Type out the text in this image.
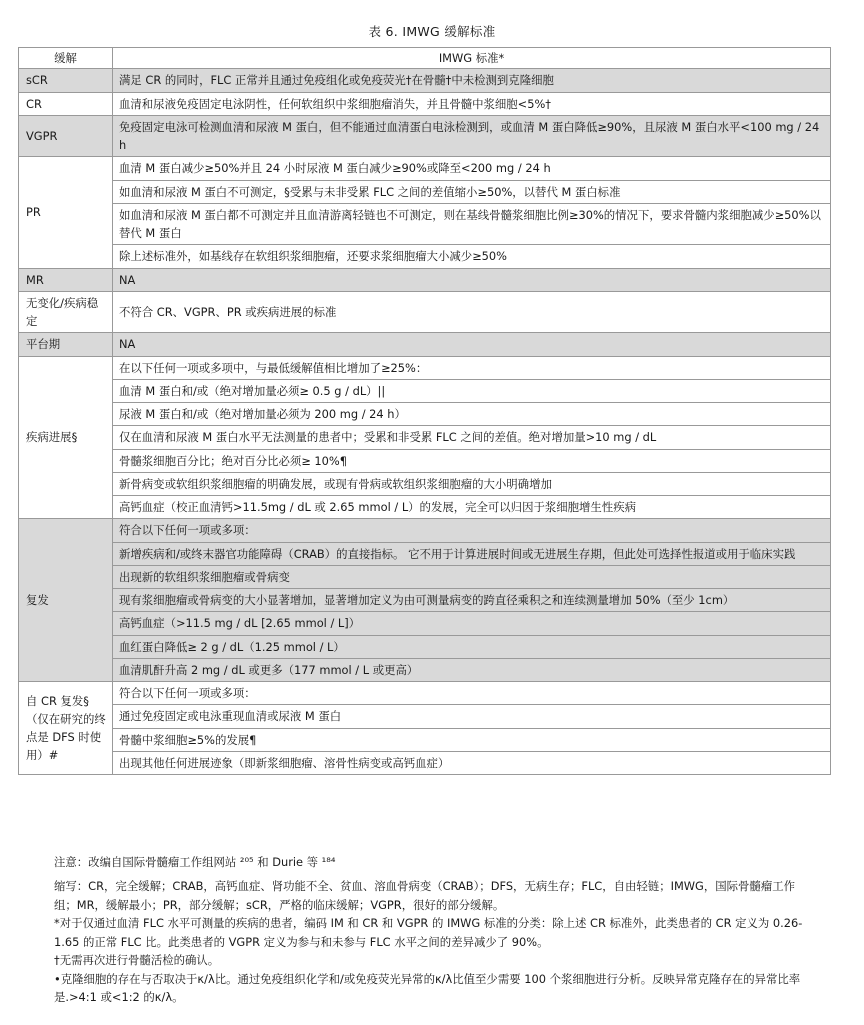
表 6. IMWG 缓解标准
缓解	IMWG 标准*
sCR	满足 CR 的同时，FLC 正常并且通过免疫组化或免疫荧光†在骨髓†中未检测到克隆细胞
CR	血清和尿液免疫固定电泳阴性，任何软组织中浆细胞瘤消失，并且骨髓中浆细胞<5%†
VGPR	免疫固定电泳可检测血清和尿液 M 蛋白，但不能通过血清蛋白电泳检测到，或血清 M 蛋白降低≥90%，且尿液 M 蛋白水平<100 mg / 24 h
PR	血清 M 蛋白减少≥50%并且 24 小时尿液 M 蛋白减少≥90%或降至<200 mg / 24 h
	如血清和尿液 M 蛋白不可测定，§受累与未非受累 FLC 之间的差值缩小≥50%，以替代 M 蛋白标准
	如血清和尿液 M 蛋白都不可测定并且血清游离轻链也不可测定，则在基线骨髓浆细胞比例≥30%的情况下，要求骨髓内浆细胞减少≥50%以替代 M 蛋白
	除上述标准外，如基线存在软组织浆细胞瘤，还要求浆细胞瘤大小减少≥50%
MR	NA
无变化/疾病稳定	不符合 CR、VGPR、PR 或疾病进展的标准
平台期	NA
疾病进展§	在以下任何一项或多项中，与最低缓解值相比增加了≥25%：
	血清 M 蛋白和/或（绝对增加量必须≥ 0.5 g / dL）||
	尿液 M 蛋白和/或（绝对增加量必须为 200 mg / 24 h）
	仅在血清和尿液 M 蛋白水平无法测量的患者中；受累和非受累 FLC 之间的差值。绝对增加量>10 mg / dL
	骨髓浆细胞百分比；绝对百分比必须≥ 10%¶
	新骨病变或软组织浆细胞瘤的明确发展，或现有骨病或软组织浆细胞瘤的大小明确增加
	高钙血症（校正血清钙>11.5mg / dL 或 2.65 mmol / L）的发展，完全可以归因于浆细胞增生性疾病
复发	符合以下任何一项或多项：
	新增疾病和/或终末器官功能障碍（CRAB）的直接指标。 它不用于计算进展时间或无进展生存期，但此处可选择性报道或用于临床实践
	出现新的软组织浆细胞瘤或骨病变
	现有浆细胞瘤或骨病变的大小显著增加，显著增加定义为由可测量病变的跨直径乘积之和连续测量增加 50%（至少 1cm）
	高钙血症（>11.5 mg / dL [2.65 mmol / L]）
	血红蛋白降低≥ 2 g / dL（1.25 mmol / L）
	血清肌酐升高 2 mg / dL 或更多（177 mmol / L 或更高）
自 CR 复发§（仅在研究的终点是 DFS 时使用）#	符合以下任何一项或多项：
	通过免疫固定或电泳重现血清或尿液 M 蛋白
	骨髓中浆细胞≥5%的发展¶
	出现其他任何进展迹象（即新浆细胞瘤、溶骨性病变或高钙血症）

注意：改编自国际骨髓瘤工作组网站 ²⁰⁵ 和 Durie 等 ¹⁸⁴

缩写：CR，完全缓解；CRAB，高钙血症、肾功能不全、贫血、溶血骨病变（CRAB）；DFS，无病生存；FLC，自由轻链；IMWG，国际骨髓瘤工作组；MR，缓解最小；PR，部分缓解；sCR，严格的临床缓解；VGPR，很好的部分缓解。

*对于仅通过血清 FLC 水平可测量的疾病的患者，编码 IM 和 CR 和 VGPR 的 IMWG 标准的分类：除上述 CR 标准外，此类患者的 CR 定义为 0.26-1.65 的正常 FLC 比。此类患者的 VGPR 定义为参与和未参与 FLC 水平之间的差异减少了 90%。

†无需再次进行骨髓活检的确认。

•克隆细胞的存在与否取决于κ/λ比。通过免疫组织化学和/或免疫荧光异常的κ/λ比值至少需要 100 个浆细胞进行分析。反映异常克隆存在的异常比率是.>4:1 或<1:2 的κ/λ。
